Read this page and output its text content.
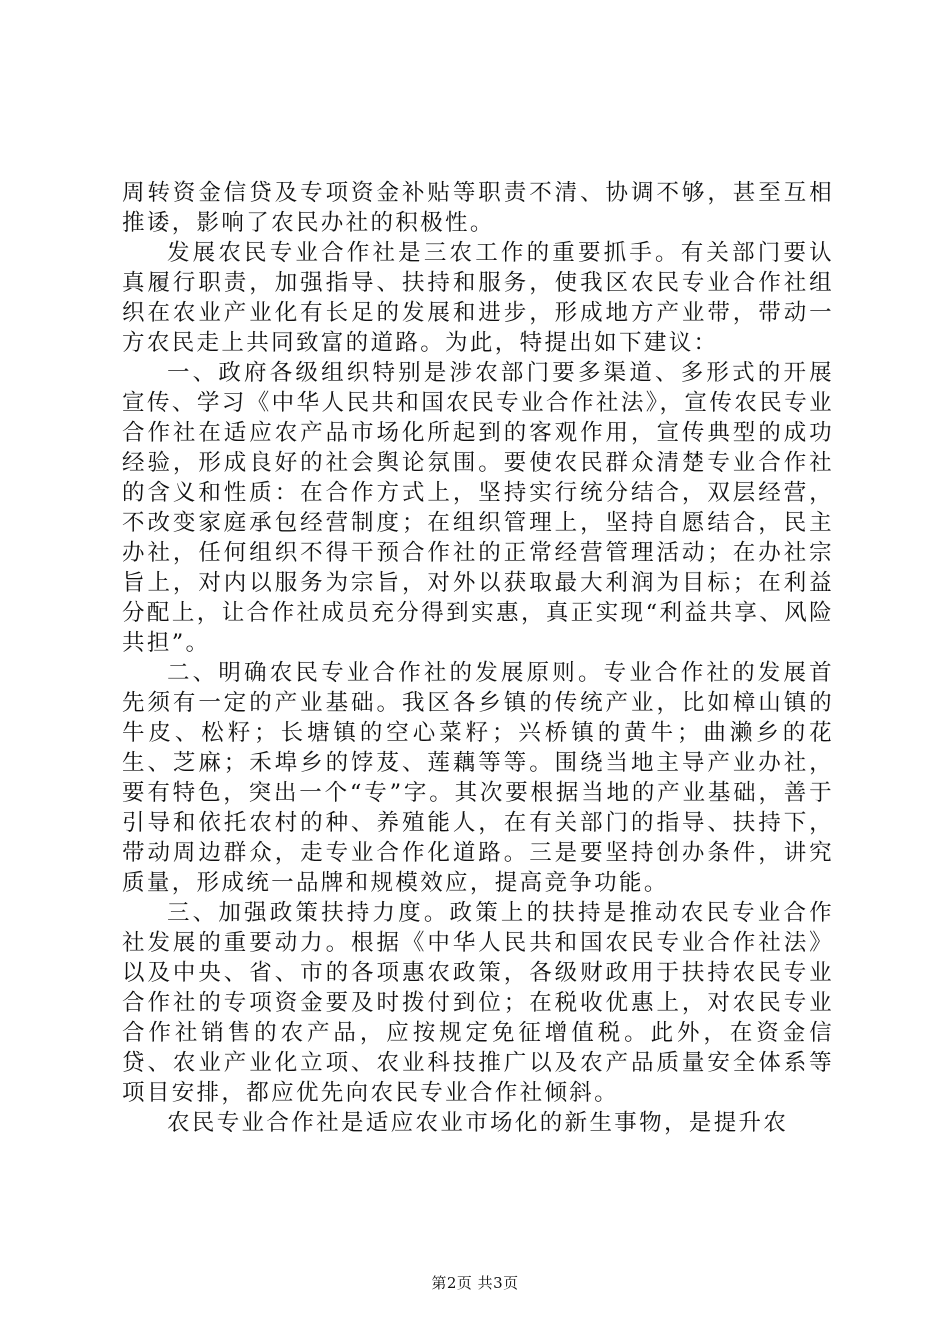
周转资金信贷及专项资金补贴等职责不清、协调不够，甚至互相推诿，影响了农民办社的积极性。

发展农民专业合作社是三农工作的重要抓手。有关部门要认真履行职责，加强指导、扶持和服务，使我区农民专业合作社组织在农业产业化有长足的发展和进步，形成地方产业带，带动一方农民走上共同致富的道路。为此，特提出如下建议：

一、政府各级组织特别是涉农部门要多渠道、多形式的开展宣传、学习《中华人民共和国农民专业合作社法》，宣传农民专业合作社在适应农产品市场化所起到的客观作用，宣传典型的成功经验，形成良好的社会舆论氛围。要使农民群众清楚专业合作社的含义和性质：在合作方式上，坚持实行统分结合，双层经营，不改变家庭承包经营制度；在组织管理上，坚持自愿结合，民主办社，任何组织不得干预合作社的正常经营管理活动；在办社宗旨上，对内以服务为宗旨，对外以获取最大利润为目标；在利益分配上，让合作社成员充分得到实惠，真正实现“利益共享、风险共担”。

二、明确农民专业合作社的发展原则。专业合作社的发展首先须有一定的产业基础。我区各乡镇的传统产业，比如樟山镇的牛皮、松籽；长塘镇的空心菜籽；兴桥镇的黄牛；曲濑乡的花生、芝麻；禾埠乡的饽芨、莲藕等等。围绕当地主导产业办社，要有特色，突出一个“专”字。其次要根据当地的产业基础，善于引导和依托农村的种、养殖能人，在有关部门的指导、扶持下，带动周边群众，走专业合作化道路。三是要坚持创办条件，讲究质量，形成统一品牌和规模效应，提高竞争功能。

三、加强政策扶持力度。政策上的扶持是推动农民专业合作社发展的重要动力。根据《中华人民共和国农民专业合作社法》以及中央、省、市的各项惠农政策，各级财政用于扶持农民专业合作社的专项资金要及时拨付到位；在税收优惠上，对农民专业合作社销售的农产品，应按规定免征增值税。此外，在资金信贷、农业产业化立项、农业科技推广以及农产品质量安全体系等项目安排，都应优先向农民专业合作社倾斜。

农民专业合作社是适应农业市场化的新生事物，是提升农

第2页 共3页
